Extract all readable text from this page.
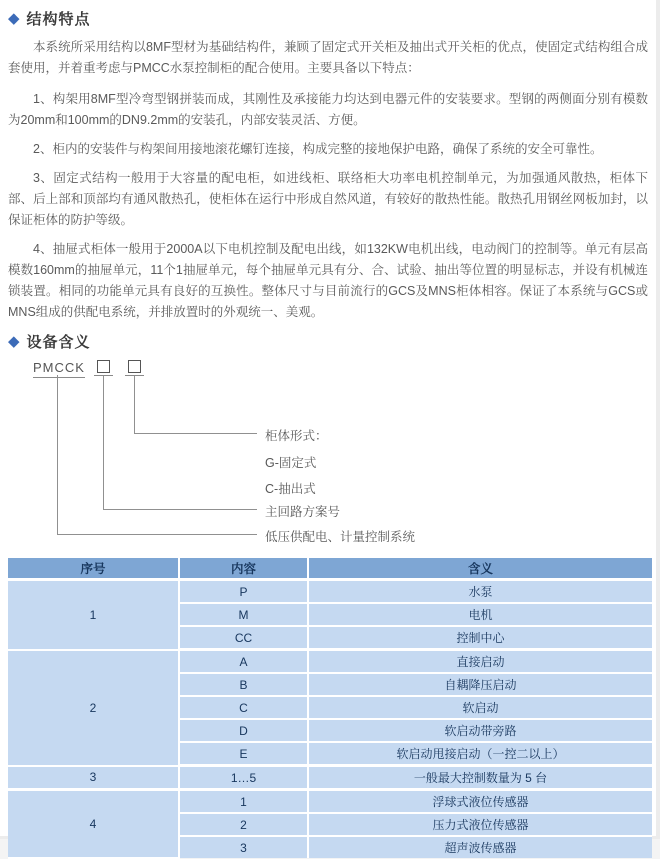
◆ 结构特点

本系统所采用结构以8MF型材为基础结构件，兼顾了固定式开关柜及抽出式开关柜的优点，使固定式结构组合成套使用，并着重考虑与PMCC水泵控制柜的配合使用。主要具备以下特点：

1、构架用8MF型冷弯型钢拼装而成，其刚性及承接能力均达到电器元件的安装要求。型钢的两侧面分别有模数为20mm和100mm的DN9.2mm的安装孔，内部安装灵活、方便。

2、柜内的安装件与构架间用接地滚花螺钉连接，构成完整的接地保护电路，确保了系统的安全可靠性。

3、固定式结构一般用于大容量的配电柜，如进线柜、联络柜大功率电机控制单元，为加强通风散热，柜体下部、后上部和顶部均有通风散热孔，使柜体在运行中形成自然风道，有较好的散热性能。散热孔用钢丝网板加封，以保证柜体的防护等级。

4、抽屉式柜体一般用于2000A以下电机控制及配电出线，如132KW电机出线，电动阀门的控制等。单元有层高模数160mm的抽屉单元，11个1抽屉单元，每个抽屉单元具有分、合、试验、抽出等位置的明显标志，并设有机械连锁装置。相同的功能单元具有良好的互换性。整体尺寸与目前流行的GCS及MNS柜体相容。保证了本系统与GCS或MNS组成的供配电系统，并排放置时的外观统一、美观。

◆ 设备含义
PMCCK
柜体形式：
G-固定式
C-抽出式
主回路方案号
低压供配电、计量控制系统
序号	内容	含义
1	P	水泵
	M	电机
	CC	控制中心
2	A	直接启动
	B	自耦降压启动
	C	软启动
	D	软启动带旁路
	E	软启动甩接启动（一控二以上）
3	1…5	一般最大控制数量为 5 台
4	1	浮球式液位传感器
	2	压力式液位传感器
	3	超声波传感器
